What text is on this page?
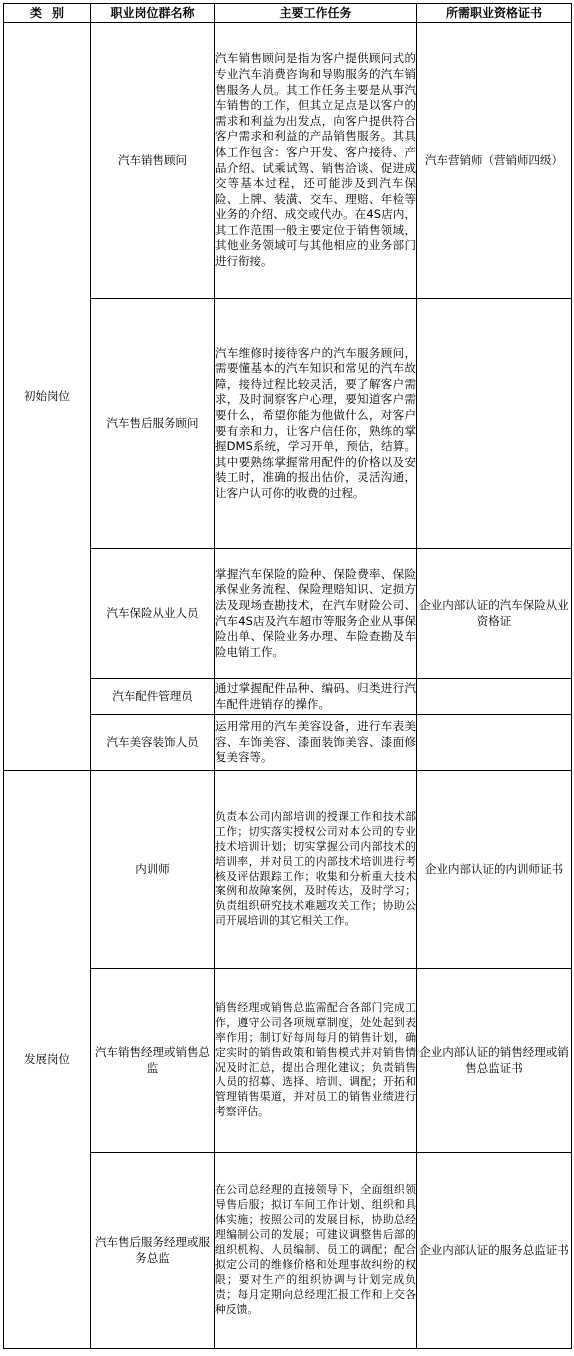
类别	职业岗位群名称	主要工作任务	所需职业资格证书
初始岗位	汽车销售顾问	汽车销售顾问是指为客户提供顾问式的专业汽车消费咨询和导购服务的汽车销售服务人员。其工作任务主要是从事汽车销售的工作，但其立足点是以客户的需求和利益为出发点，向客户提供符合客户需求和利益的产品销售服务。其具体工作包含：客户开发、客户接待、产品介绍、试乘试驾、销售洽谈、促进成交等基本过程，还可能涉及到汽车保险、上牌、装潢、交车、理赔、年检等业务的介绍、成交或代办。在4S店内，其工作范围一般主要定位于销售领域，其他业务领域可与其他相应的业务部门进行衔接。	汽车营销师（营销师四级）
	汽车售后服务顾问	汽车维修时接待客户的汽车服务顾问，需要懂基本的汽车知识和常见的汽车故障，接待过程比较灵活，要了解客户需求，及时洞察客户心理，要知道客户需要什么，希望你能为他做什么，对客户要有亲和力，让客户信任你，熟练的掌握DMS系统，学习开单，预估，结算。其中要熟练掌握常用配件的价格以及安装工时，准确的报出估价，灵活沟通，让客户认可你的收费的过程。	
	汽车保险从业人员	掌握汽车保险的险种、保险费率、保险承保业务流程、保险理赔知识、定损方法及现场查勘技术，在汽车财险公司、汽车4S店及汽车超市等服务企业从事保险出单、保险业务办理、车险查勘及车险电销工作。	企业内部认证的汽车保险从业资格证
	汽车配件管理员	通过掌握配件品种、编码、归类进行汽车配件进销存的操作。	
	汽车美容装饰人员	运用常用的汽车美容设备，进行车表美容、车饰美容、漆面装饰美容、漆面修复美容等。	
发展岗位	内训师	负责本公司内部培训的授课工作和技术部工作；切实落实授权公司对本公司的专业技术培训计划；切实掌握公司内部技术的培训率，并对员工的内部技术培训进行考核及评估跟踪工作；收集和分析重大技术案例和故障案例，及时传达，及时学习；负责组织研究技术难题攻关工作；协助公司开展培训的其它相关工作。	企业内部认证的内训师证书
	汽车销售经理或销售总监	销售经理或销售总监需配合各部门完成工作，遵守公司各项规章制度，处处起到表率作用；制订好每周每月的销售计划，确定实时的销售政策和销售模式并对销售情况及时汇总，提出合理化建议；负责销售人员的招募、选择、培训、调配；开拓和管理销售渠道，并对员工的销售业绩进行考察评估。	企业内部认证的销售经理或销售总监证书
	汽车售后服务经理或服务总监	在公司总经理的直接领导下，全面组织领导售后服；拟订车间工作计划、组织和具体实施；按照公司的发展目标，协助总经理编制公司的发展；可建议调整售后部的组织机构、人员编制、员工的调配；配合拟定公司的维修价格和处理事故纠纷的权限；要对生产的组织协调与计划完成负责；每月定期向总经理汇报工作和上交各种反馈。	企业内部认证的服务总监证书
